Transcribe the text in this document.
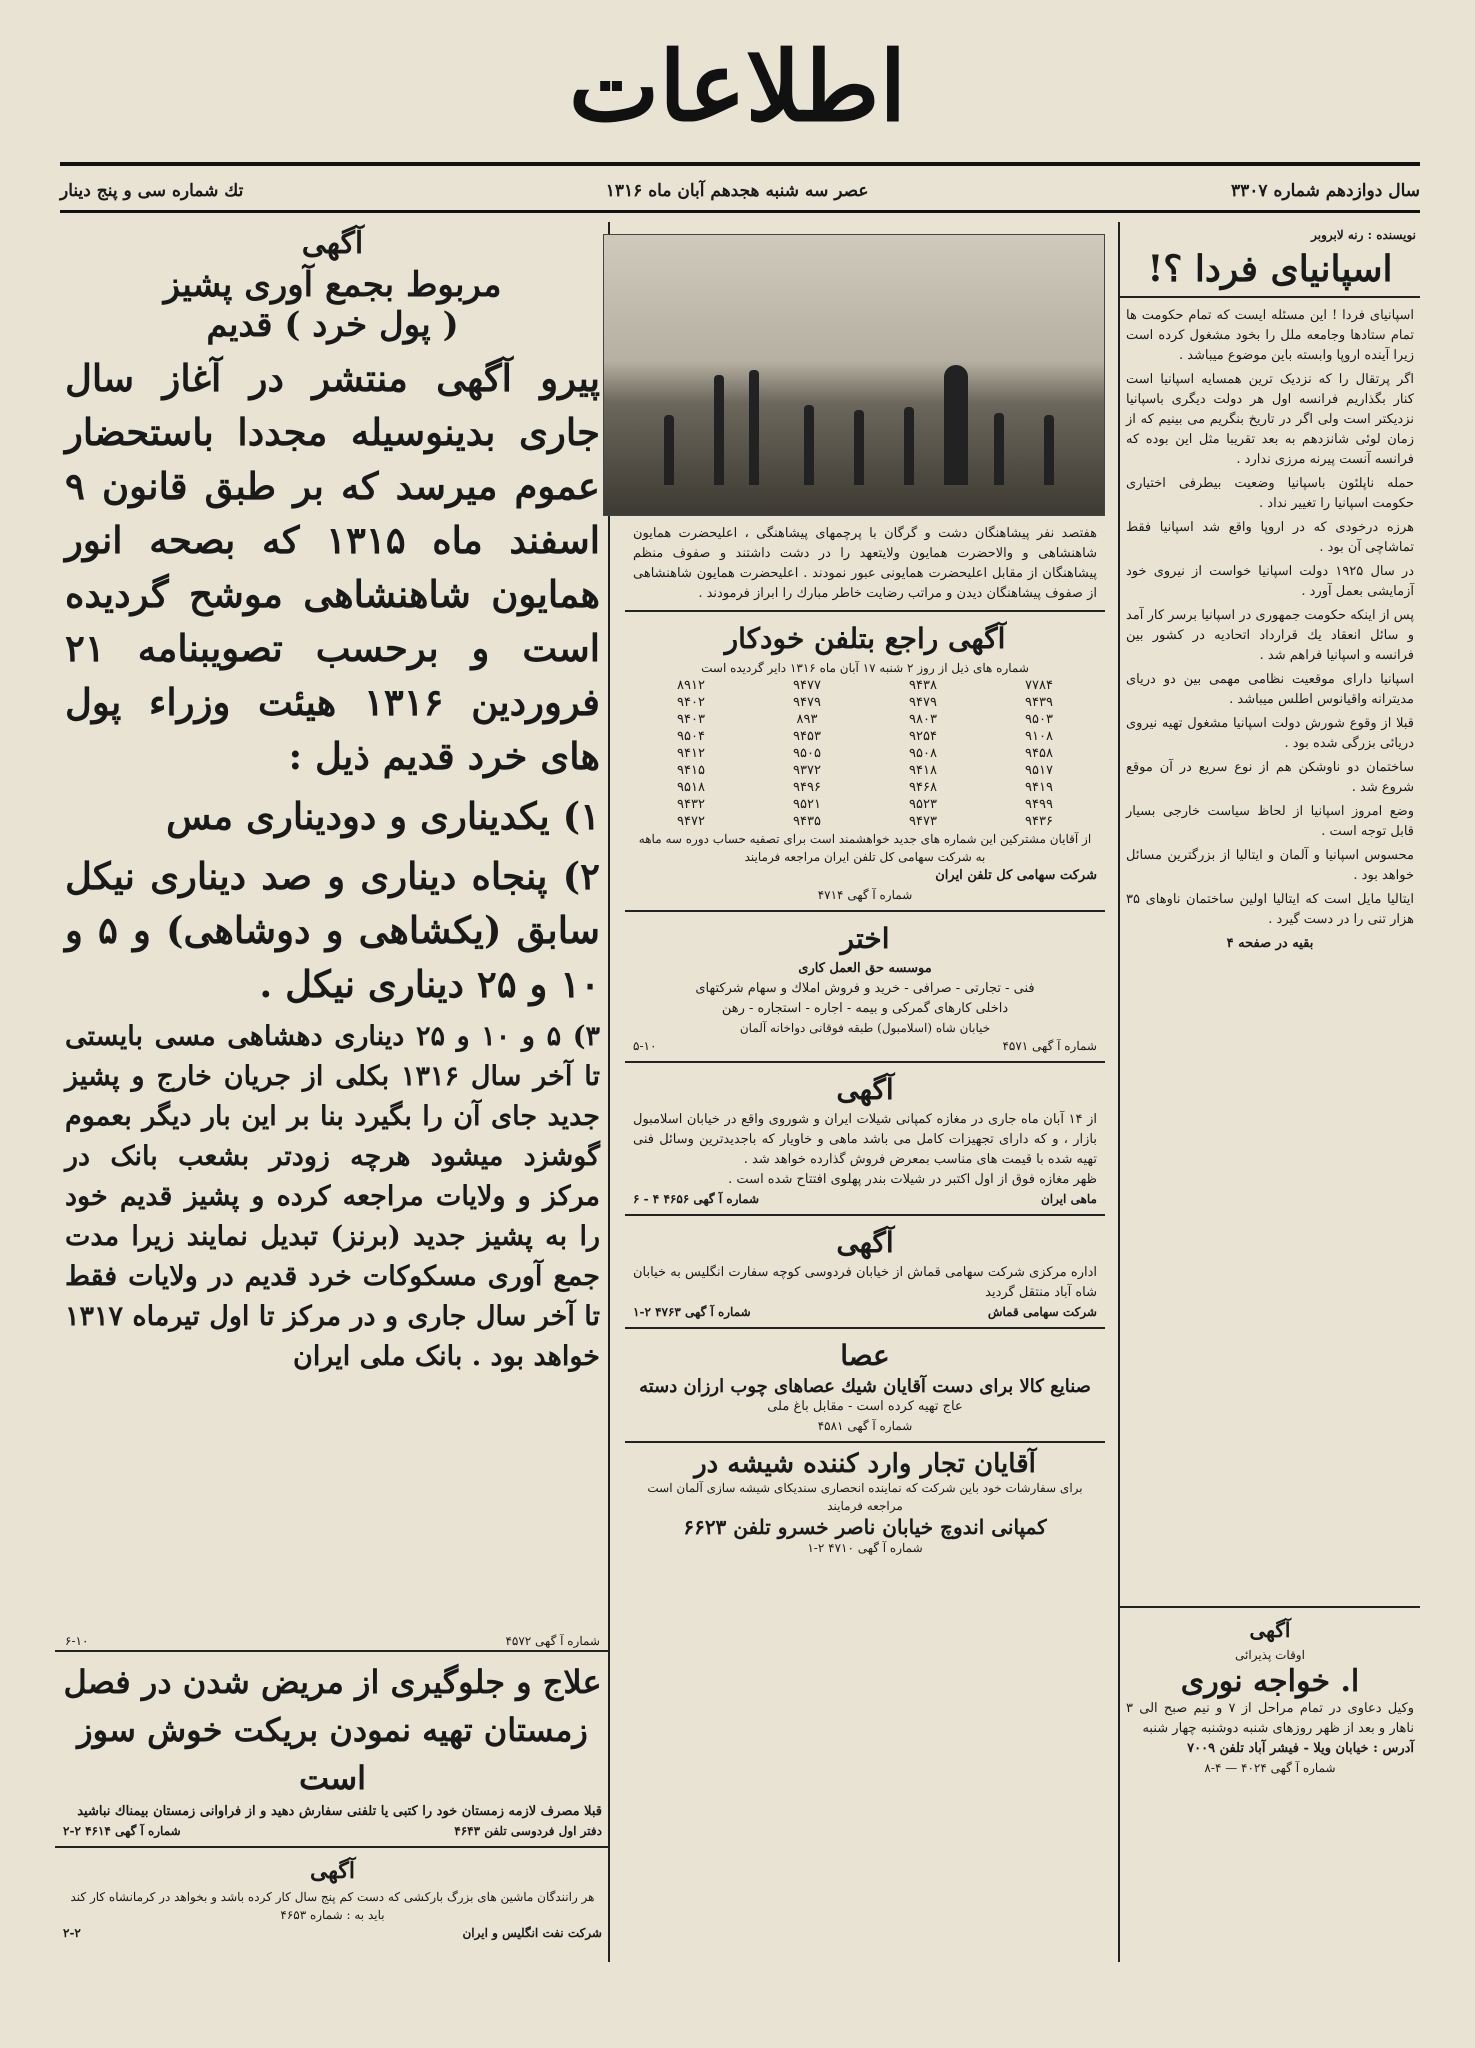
اطلاعات
سال دوازدهم شماره ۳۳۰۷
عصر سه شنبه هجدهم آبان ماه ۱۳۱۶
تك شماره سی و پنج دینار
نویسنده : رنه لابروبر
اسپانیای فردا ؟!

اسپانیای فردا ! این مسئله ایست که تمام حکومت ها تمام ستادها وجامعه ملل را بخود مشغول کرده است زیرا آینده اروپا وابسته باین موضوع میباشد .

اگر پرتقال را که نزدیک ترین همسایه اسپانیا است کنار بگذاریم فرانسه اول هر دولت دیگری باسپانیا نزدیکتر است ولی اگر در تاریخ بنگریم می بینیم که از زمان لوئی شانزدهم به بعد تقریبا مثل این بوده که فرانسه آنست پیرنه مرزی ندارد .

حمله ناپلئون باسپانیا وضعیت بیطرفی اختیاری حکومت اسپانیا را تغییر نداد .

هرزه درخودی که در اروپا واقع شد اسپانیا فقط تماشاچی آن بود .

در سال ۱۹۲۵ دولت اسپانیا خواست از نیروی خود آزمایشی بعمل آورد .

پس از اینکه حکومت جمهوری در اسپانیا برسر کار آمد و سائل انعقاد یك قرارداد اتحادیه در کشور بین فرانسه و اسپانیا فراهم شد .

اسپانیا دارای موقعیت نظامی مهمی بین دو دریای مدیترانه واقیانوس اطلس میباشد .

قبلا از وقوع شورش دولت اسپانیا مشغول تهیه نیروی دریائی بزرگی شده بود .

ساختمان دو ناوشکن هم از نوع سریع در آن موقع شروع شد .

وضع امروز اسپانیا از لحاظ سیاست خارجی بسیار قابل توجه است .

محسوس اسپانیا و آلمان و ایتالیا از بزرگترین مسائل خواهد بود .

ایتالیا مایل است که ایتالیا اولین ساختمان ناوهای ۳۵ هزار تنی را در دست گیرد .

بقیه در صفحه ۴
آگهی
اوقات پذیرائی
ا. خواجه نوری
وکیل دعاوی در تمام مراحل از ۷ و نیم صبح الی ۳ ناهار و بعد از ظهر روزهای شنبه دوشنبه چهار شنبه
آدرس : خیابان ویلا - فیشر آباد تلفن ۷۰۰۹
شماره آ گهی ۴۰۲۴ — ۴-۸
هفتصد نفر پیشاهنگان دشت و گرگان با پرچمهای پیشاهنگی ، اعلیحضرت همایون شاهنشاهی و والاحضرت همایون ولایتعهد را در دشت داشتند و صفوف منظم پیشاهنگان از مقابل اعلیحضرت همایونی عبور نمودند . اعلیحضرت همایون شاهنشاهی از صفوف پیشاهنگان دیدن و مراتب رضایت خاطر مبارك را ابراز فرمودند .
آگهی راجع بتلفن خودکار
شماره های ذیل از روز ۲ شنبه ۱۷ آبان ماه ۱۳۱۶ دایر گردیده است
۷۷۸۴	۹۴۳۸	۹۴۷۷	۸۹۱۲
۹۴۳۹	۹۴۷۹	۹۴۷۹	۹۴۰۲
۹۵۰۳	۹۸۰۳	۸۹۳	۹۴۰۳
۹۱۰۸	۹۲۵۴	۹۴۵۳	۹۵۰۴
۹۴۵۸	۹۵۰۸	۹۵۰۵	۹۴۱۲
۹۵۱۷	۹۴۱۸	۹۳۷۲	۹۴۱۵
۹۴۱۹	۹۴۶۸	۹۴۹۶	۹۵۱۸
۹۴۹۹	۹۵۲۳	۹۵۲۱	۹۴۳۲
۹۴۳۶	۹۴۷۳	۹۴۳۵	۹۴۷۲
از آقایان مشترکین این شماره های جدید خواهشمند است برای تصفیه حساب دوره سه ماهه به شرکت سهامی کل تلفن ایران مراجعه فرمایند
شرکت سهامی کل تلفن ایران
شماره آ گهی ۴۷۱۴
اختر
موسسه حق العمل کاری
فنی - تجارتی - صرافی - خرید و فروش املاك و سهام شرکتهای
داخلی کارهای گمرکی و بیمه - اجاره - استجاره - رهن
خیابان شاه (اسلامبول) طبقه فوقانی دواخانه آلمان
شماره آ گهی ۴۵۷۱
۵-۱۰
آگهی
از ۱۴ آبان ماه جاری در مغازه کمپانی شیلات ایران و شوروی واقع در خیابان اسلامبول بازار ، و که دارای تجهیزات کامل می باشد ماهی و خاویار که باجدیدترین وسائل فنی تهیه شده با قیمت های مناسب بمعرض فروش گذارده خواهد شد .
ظهر مغازه فوق از اول اکتبر در شیلات بندر پهلوی افتتاح شده است .
ماهی ایران
شماره آ گهی ۴۶۵۶ ۴ - ۶
آگهی
اداره مرکزی شرکت سهامی قماش از خیابان فردوسی کوچه سفارت انگلیس به خیابان شاه آباد منتقل گردید
شرکت سهامی قماش
شماره آ گهی ۴۷۶۳ ۲-۱
عصا
صنایع کالا برای دست آقایان شیك عصاهای چوب ارزان دسته
عاج تهیه کرده است - مقابل باغ ملی
شماره آ گهی ۴۵۸۱
آقایان تجار وارد کننده شیشه در
برای سفارشات خود باین شرکت که نماینده انحصاری سندیکای شیشه سازی آلمان است مراجعه فرمایند
کمپانی اندوچ خیابان ناصر خسرو تلفن ۶۶۲۳
شماره آ گهی ۴۷۱۰ ۲-۱
آگهی
مربوط بجمع آوری پشیز
( پول خرد ) قدیم

پیرو آگهی منتشر در آغاز سال جاری بدینوسیله مجددا باستحضار عموم میرسد که بر طبق قانون ۹ اسفند ماه ۱۳۱۵ که بصحه انور همایون شاهنشاهی موشح گردیده است و برحسب تصویبنامه ۲۱ فروردین ۱۳۱۶ هیئت وزراء پول های خرد قدیم ذیل :

۱) یکدیناری و دودیناری مس

۲) پنجاه دیناری و صد دیناری نیکل سابق (یکشاهی و دوشاهی) و ۵ و ۱۰ و ۲۵ دیناری نیکل .

۳) ۵ و ۱۰ و ۲۵ دیناری دهشاهی مسی بایستی تا آخر سال ۱۳۱۶ بکلی از جریان خارج و پشیز جدید جای آن را بگیرد بنا بر این بار دیگر بعموم گوشزد میشود هرچه زودتر بشعب بانک در مرکز و ولایات مراجعه کرده و پشیز قدیم خود را به پشیز جدید (برنز) تبدیل نمایند زیرا مدت جمع آوری مسکوکات خرد قدیم در ولایات فقط تا آخر سال جاری و در مرکز تا اول تیرماه ۱۳۱۷ خواهد بود . بانک ملی ایران

شماره آ گهی ۴۵۷۲
۶-۱۰
علاج و جلوگیری از مریض شدن در فصل زمستان تهیه نمودن بریکت خوش سوز است
قبلا مصرف لازمه زمستان خود را کتبی یا تلفنی سفارش دهید و از فراوانی زمستان بیمناك نباشید
دفتر اول فردوسی تلفن ۴۶۴۳
شماره آ گهی ۴۶۱۴ ۲-۲
آگهی
هر رانندگان ماشین های بزرگ بارکشی که دست کم پنج سال کار کرده باشد و بخواهد در کرمانشاه کار کند باید به : شماره ۴۶۵۳
شرکت نفت انگلیس و ایران
۲-۲
